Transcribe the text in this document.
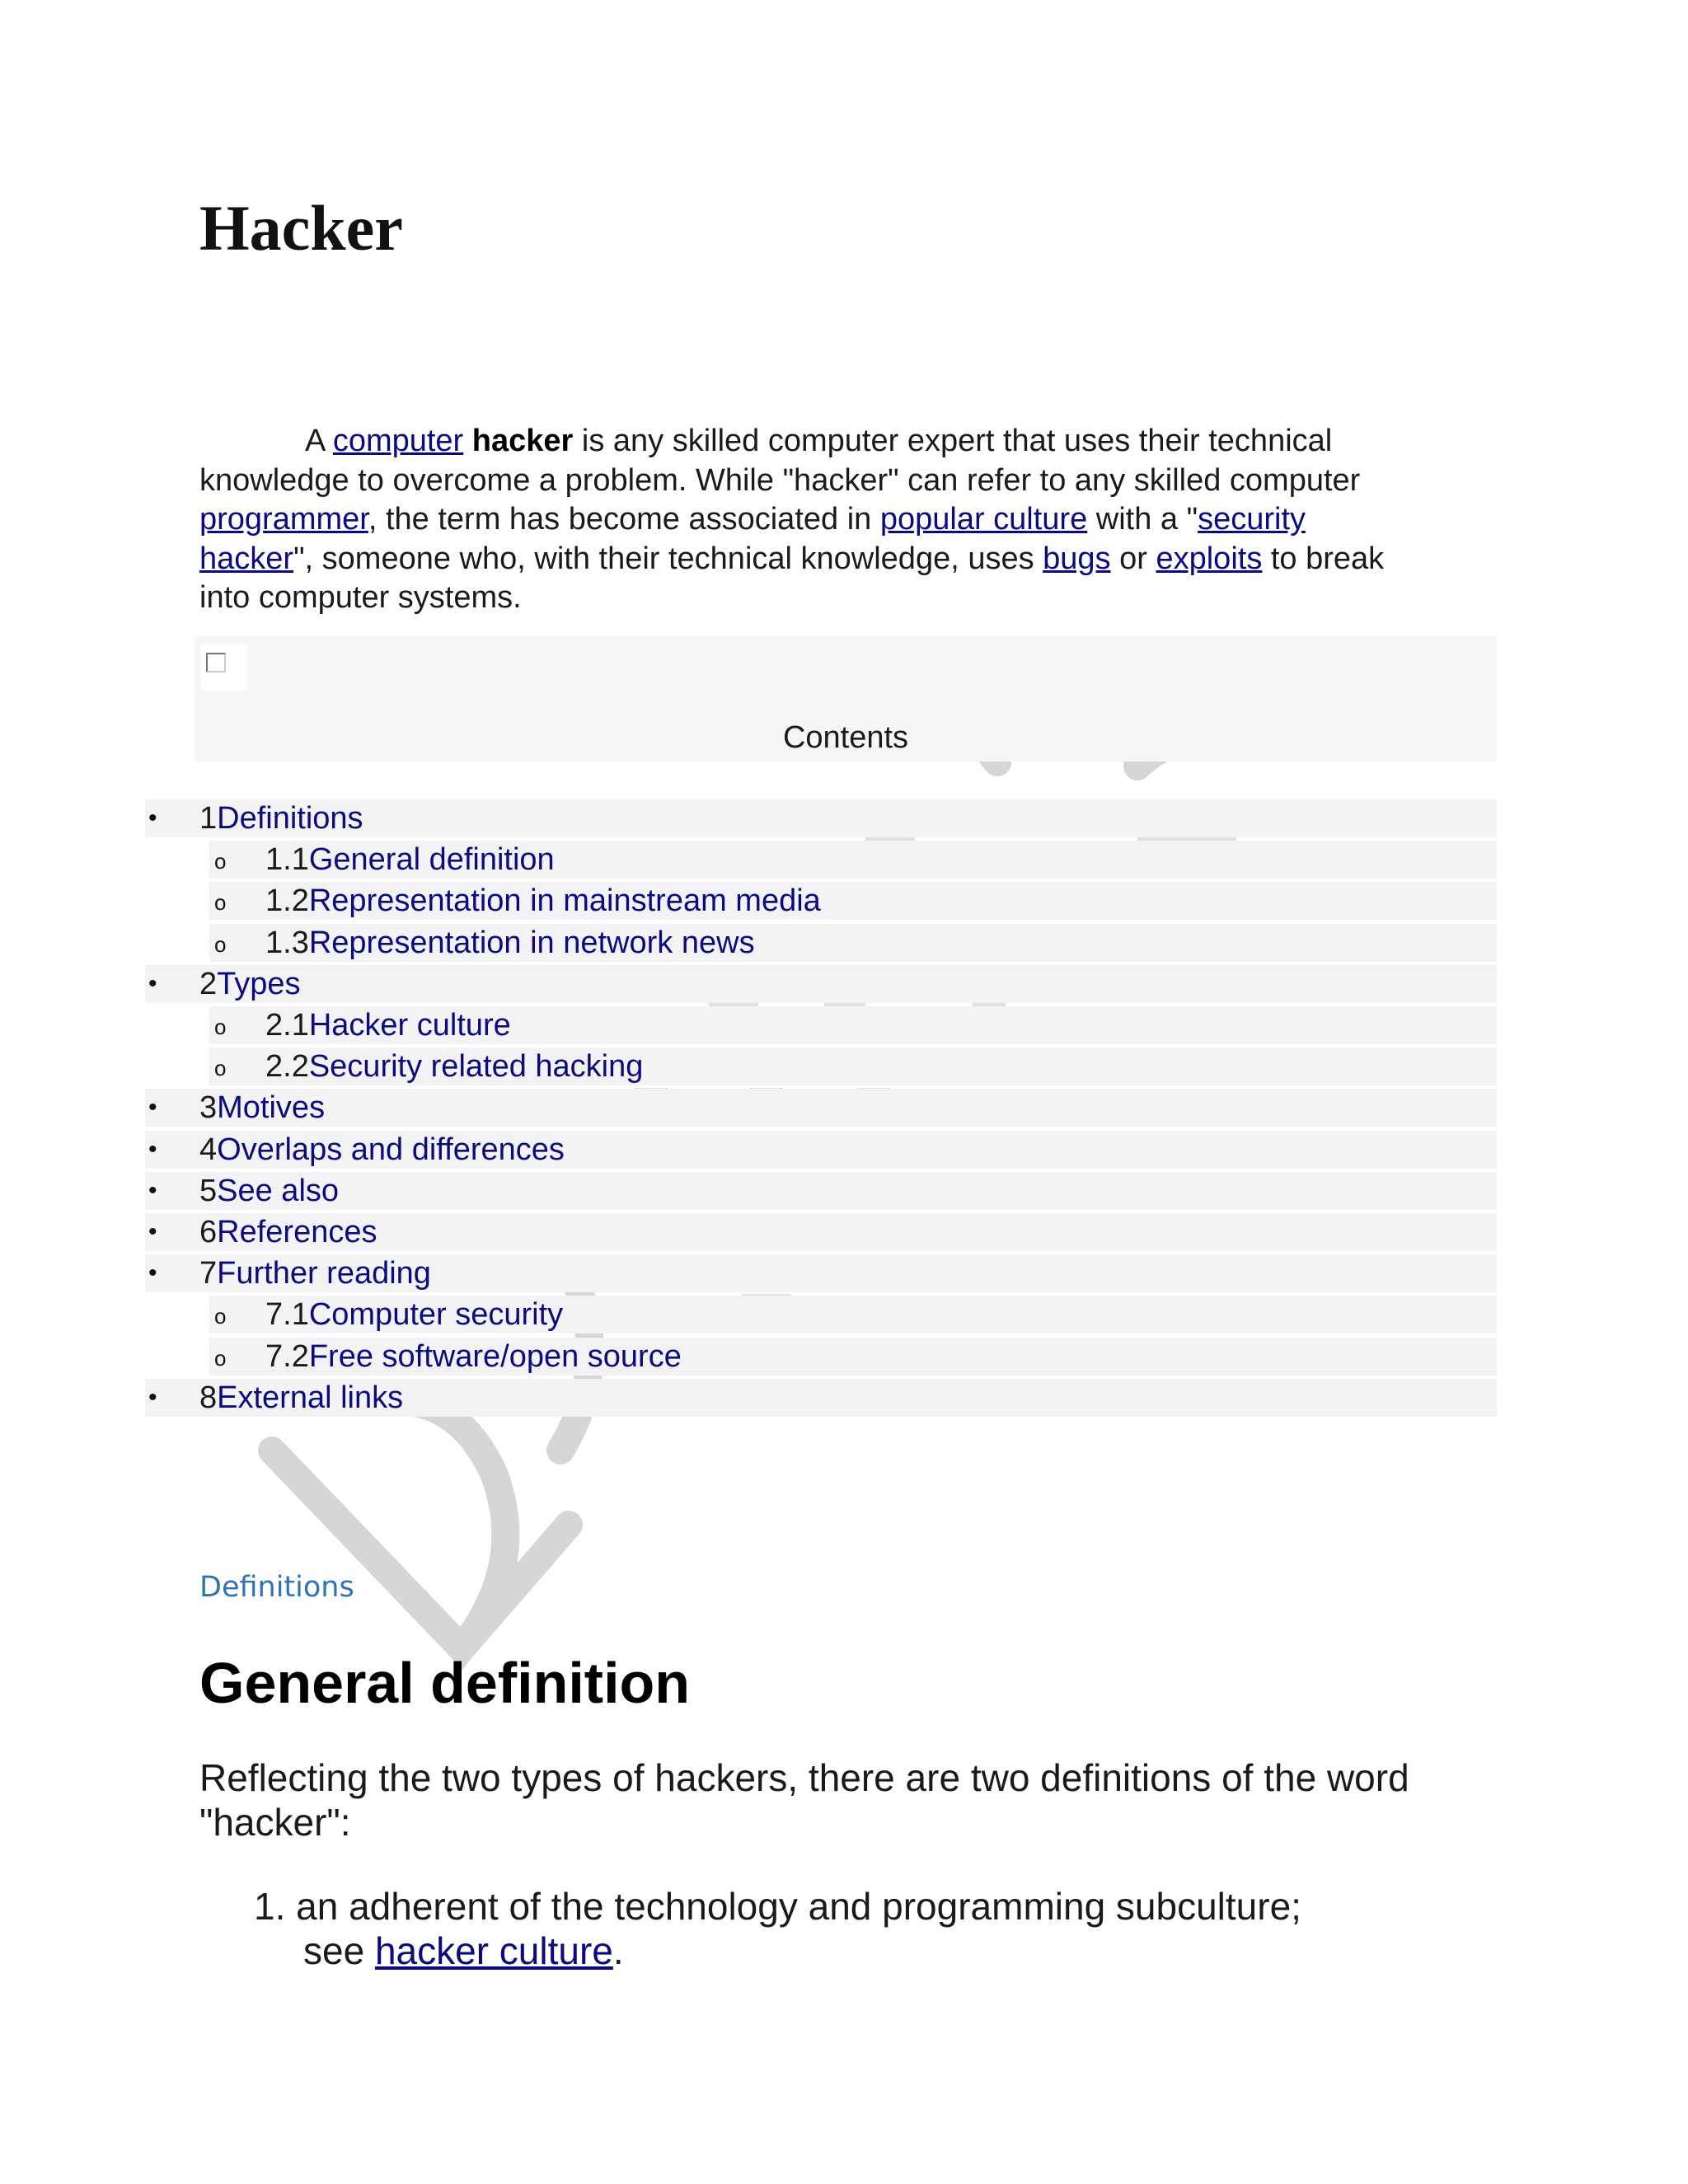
Hacker
A computer hacker is any skilled computer expert that uses their technical knowledge to overcome a problem. While "hacker" can refer to any skilled computer programmer, the term has become associated in popular culture with a "security hacker", someone who, with their technical knowledge, uses bugs or exploits to break into computer systems.
Contents
• 1Definitions
o 1.1General definition
o 1.2Representation in mainstream media
o 1.3Representation in network news
• 2Types
o 2.1Hacker culture
o 2.2Security related hacking
• 3Motives
• 4Overlaps and differences
• 5See also
• 6References
• 7Further reading
o 7.1Computer security
o 7.2Free software/open source
• 8External links
Definitions
General definition
Reflecting the two types of hackers, there are two definitions of the word "hacker":
1. an adherent of the technology and programming subculture;
see hacker culture.
